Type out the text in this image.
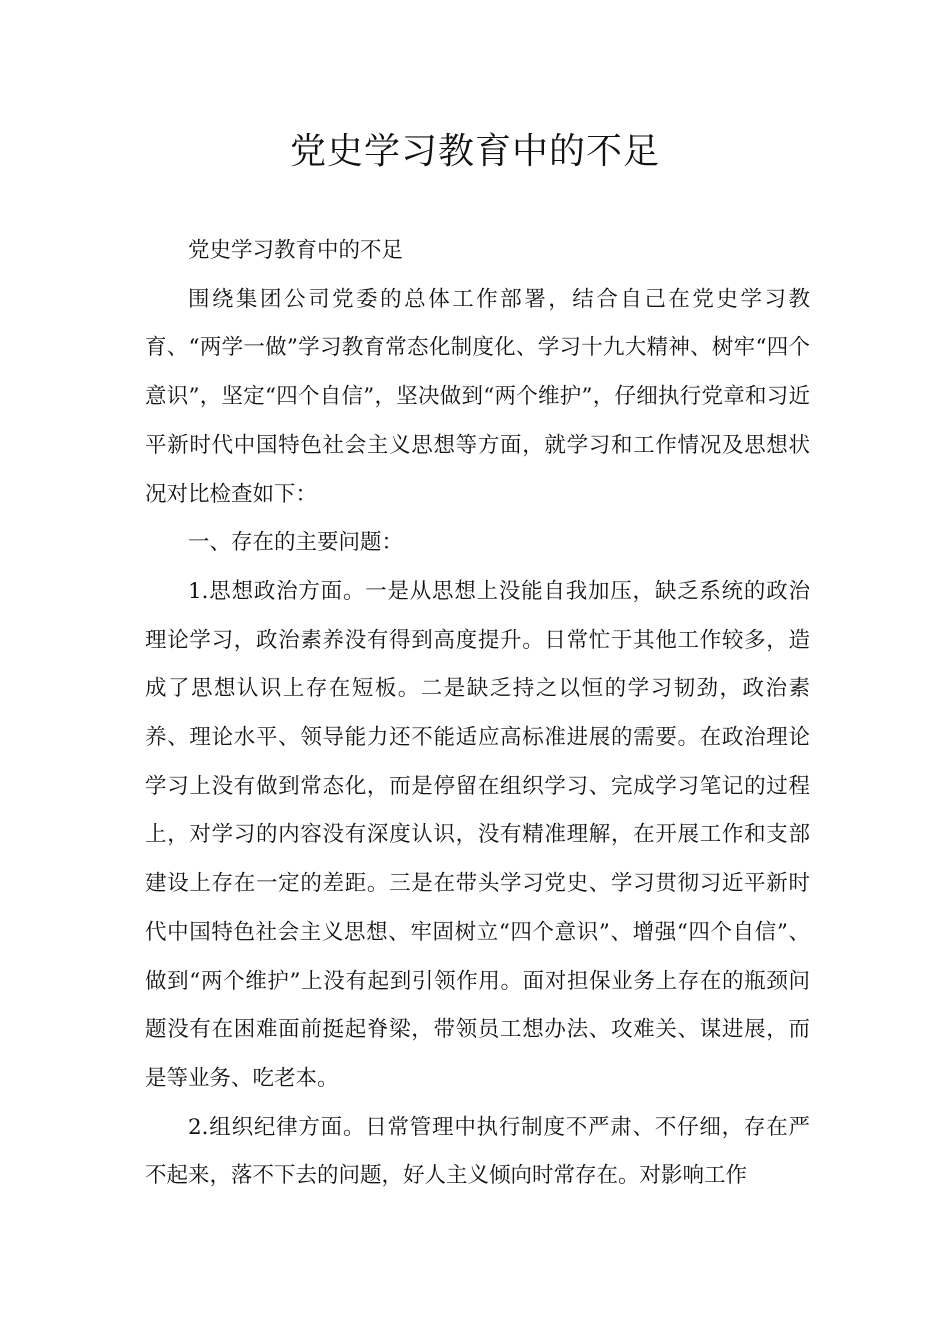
党史学习教育中的不足

党史学习教育中的不足

围绕集团公司党委的总体工作部署，结合自己在党史学习教育、“两学一做”学习教育常态化制度化、学习十九大精神、树牢“四个意识”，坚定“四个自信”，坚决做到“两个维护”，仔细执行党章和习近平新时代中国特色社会主义思想等方面，就学习和工作情况及思想状况对比检查如下：

一、存在的主要问题：

1.思想政治方面。一是从思想上没能自我加压，缺乏系统的政治理论学习，政治素养没有得到高度提升。日常忙于其他工作较多，造成了思想认识上存在短板。二是缺乏持之以恒的学习韧劲，政治素养、理论水平、领导能力还不能适应高标准进展的需要。在政治理论学习上没有做到常态化，而是停留在组织学习、完成学习笔记的过程上，对学习的内容没有深度认识，没有精准理解，在开展工作和支部建设上存在一定的差距。三是在带头学习党史、学习贯彻习近平新时代中国特色社会主义思想、牢固树立“四个意识”、增强“四个自信”、做到“两个维护”上没有起到引领作用。面对担保业务上存在的瓶颈问题没有在困难面前挺起脊梁，带领员工想办法、攻难关、谋进展，而是等业务、吃老本。

2.组织纪律方面。日常管理中执行制度不严肃、不仔细，存在严不起来，落不下去的问题，好人主义倾向时常存在。对影响工作
